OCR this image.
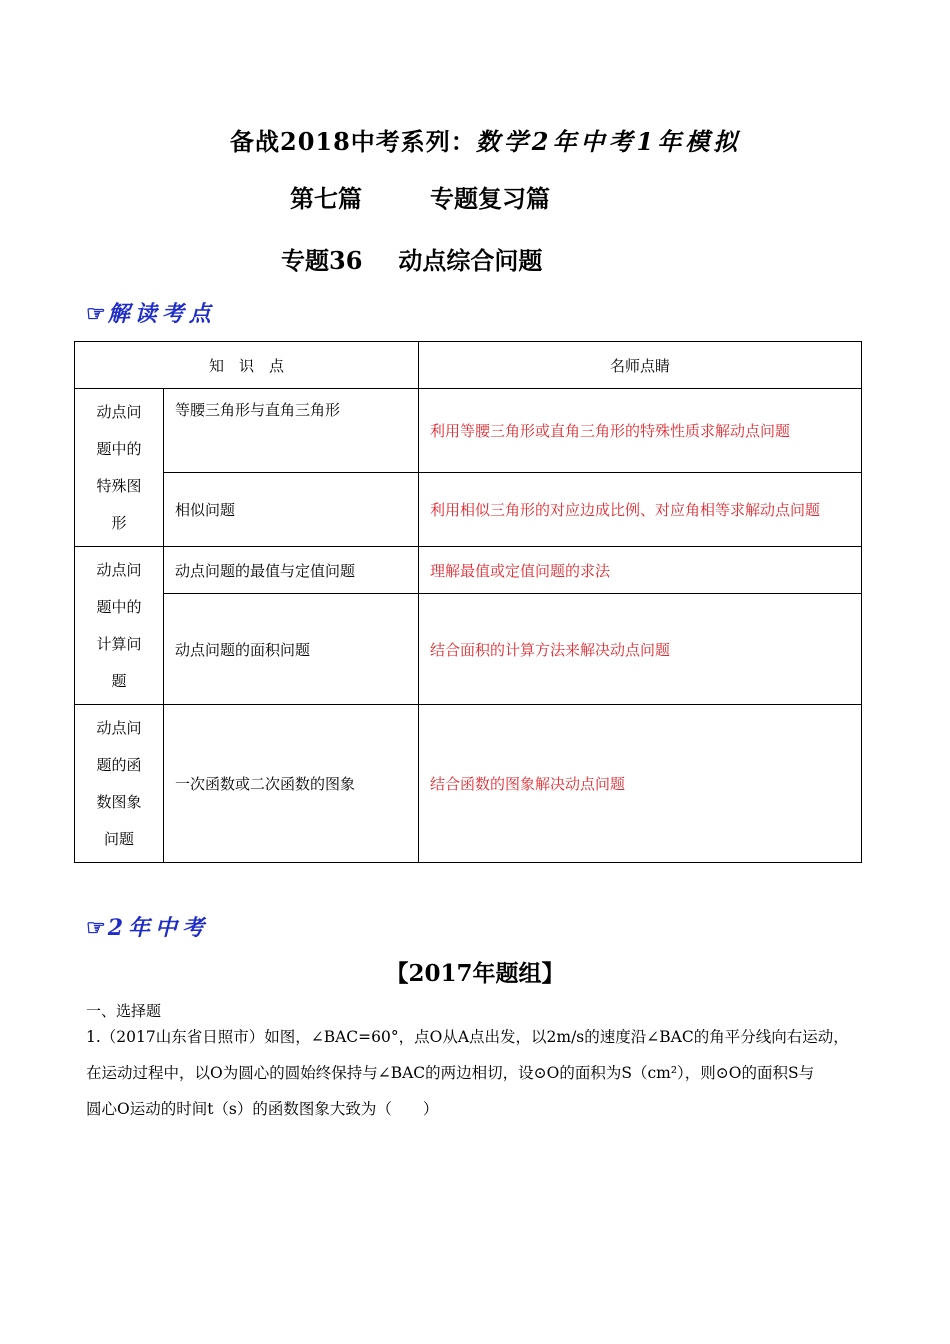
备战2018中考系列：数学2年中考1年模拟
第七篇	专题复习篇
专题36 动点综合问题
☞解读考点
知　识　点		名师点睛

动点问
题中的
特殊图
形	等腰三角形与直角三角形	利用等腰三角形或直角三角形的特殊性质求解动点问题
	相似问题	利用相似三角形的对应边成比例、对应角相等求解动点问题

动点问
题中的
计算问
题	动点问题的最值与定值问题	理解最值或定值问题的求法
	动点问题的面积问题	结合面积的计算方法来解决动点问题

动点问
题的函
数图象
问题	一次函数或二次函数的图象	结合函数的图象解决动点问题
☞2年中考
【2017年题组】
一、选择题
1.（2017山东省日照市）如图，∠BAC=60°，点O从A点出发，以2m/s的速度沿∠BAC的角平分线向右运动，
在运动过程中，以O为圆心的圆始终保持与∠BAC的两边相切，设⊙O的面积为S（cm²），则⊙O的面积S与
圆心O运动的时间t（s）的函数图象大致为（　　）
